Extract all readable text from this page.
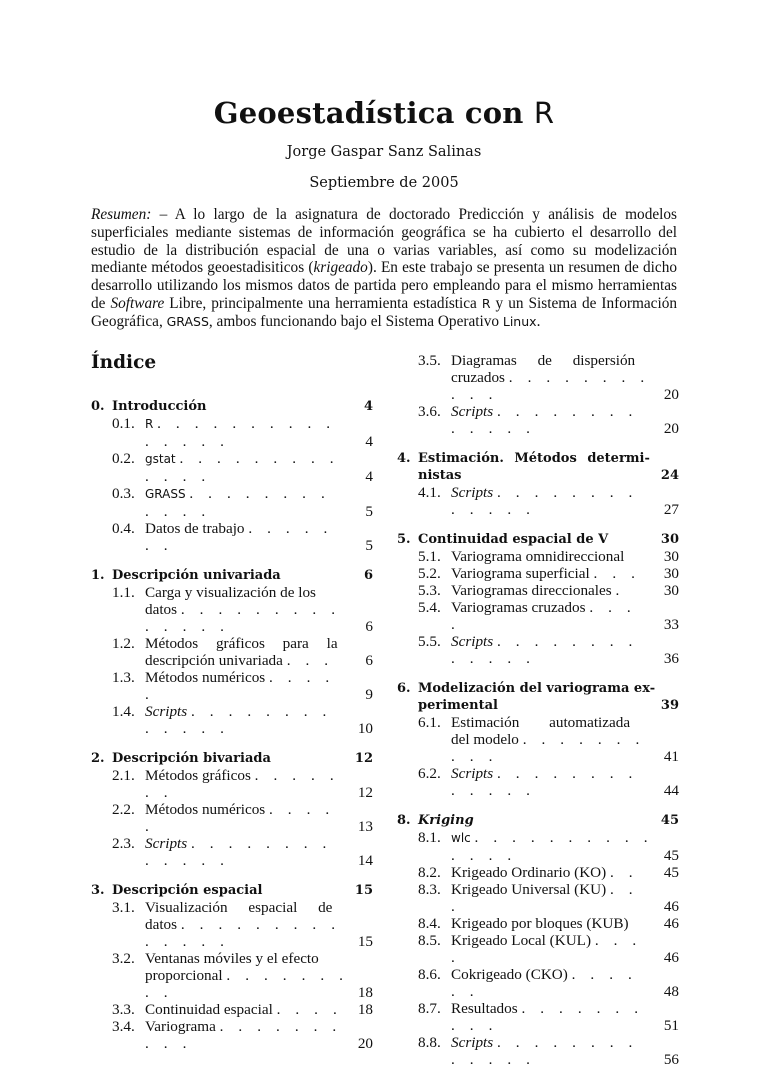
Geoestadística con R
Jorge Gaspar Sanz Salinas
Septiembre de 2005
Resumen: – A lo largo de la asignatura de doctorado Predicción y análisis de modelos superficiales mediante sistemas de información geográfica se ha cubierto el desarrollo del estudio de la distribución espacial de una o varias variables, así como su modelización mediante métodos geoestadisiticos (krigeado). En este trabajo se presenta un resumen de dicho desarrollo utilizando los mismos datos de partida pero empleando para el mismo herramientas de Software Libre, principalmente una herramienta estadística R y un Sistema de Información Geográfica, GRASS, ambos funcionando bajo el Sistema Operativo Linux.
Índice
0. Introducción	4
0.1. R . . . . . . . . . . . . . . .	4
0.2. gstat . . . . . . . . . . . . .	4
0.3. GRASS . . . . . . . . . . . .	5
0.4. Datos de trabajo . . . . . . .	5
1. Descripción univariada	6
1.1. Carga y visualización de los
datos . . . . . . . . . . . . . .	6
1.2. Métodos gráficos para la
descripción univariada . . .	6
1.3. Métodos numéricos . . . . .	9
1.4. Scripts . . . . . . . . . . . . .	10
2. Descripción bivariada	12
2.1. Métodos gráficos . . . . . . .	12
2.2. Métodos numéricos . . . . .	13
2.3. Scripts . . . . . . . . . . . . .	14
3. Descripción espacial	15
3.1. Visualización espacial de
datos . . . . . . . . . . . . . .	15
3.2. Ventanas móviles y el efecto
proporcional . . . . . . . . .	18
3.3. Continuidad espacial . . . .	18
3.4. Variograma . . . . . . . . . .	20
3.5. Diagramas de dispersión
cruzados . . . . . . . . . . .	20
3.6. Scripts . . . . . . . . . . . . .	20
4. Estimación. Métodos determi-
nistas	24
4.1. Scripts . . . . . . . . . . . . .	27
5. Continuidad espacial de V	30
5.1. Variograma omnidireccional	30
5.2. Variograma superficial . . .	30
5.3. Variogramas direccionales .	30
5.4. Variogramas cruzados . . . .	33
5.5. Scripts . . . . . . . . . . . . .	36
6. Modelización del variograma ex-
perimental	39
6.1. Estimación automatizada
del modelo . . . . . . . . . .	41
6.2. Scripts . . . . . . . . . . . . .	44
8. Kriging	45
8.1. wlc . . . . . . . . . . . . . .	45
8.2. Krigeado Ordinario (KO) . .	45
8.3. Krigeado Universal (KU) . . .	46
8.4. Krigeado por bloques (KUB)	46
8.5. Krigeado Local (KUL) . . . .	46
8.6. Cokrigeado (CKO) . . . . . .	48
8.7. Resultados . . . . . . . . . .	51
8.8. Scripts . . . . . . . . . . . . .	56
